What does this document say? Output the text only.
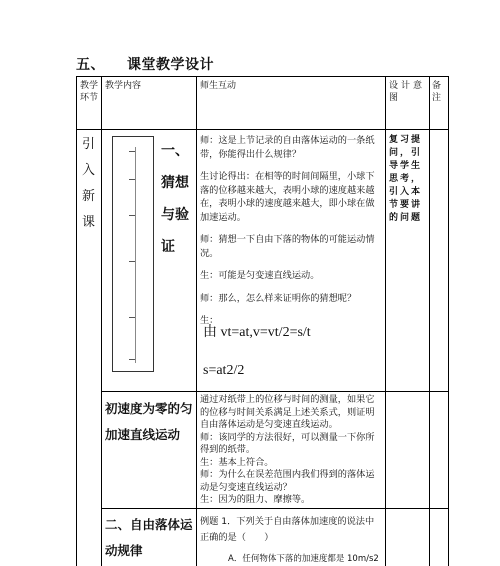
五、 课堂教学设计
教学环节
教学内容	师生互动	设计意图
备注
引入新课
一、猜想与验证

师：这是上节记录的自由落体运动的一条纸带，你能得出什么规律？

生讨论得出：在相等的时间间隔里，小球下落的位移越来越大，表明小球的速度越来越在，表明小球的速度越来越大，即小球在做加速运动。

师：猜想一下自由下落的物体的可能运动情况。

生：可能是匀变速直线运动。

师：那么，怎么样来证明你的猜想呢？

生：

由 vt=at,v=vt/2=s/t
s=at2/2
复习提问，引导学生思考，引入本节要讲的问题
初速度为零的匀加速直线运动
通过对纸带上的位移与时间的测量，如果它的位移与时间关系满足上述关系式，则证明自由落体运动是匀变速直线运动。
师：该同学的方法很好，可以测量一下你所得到的纸带。
生：基本上符合。
师：为什么在误差范围内我们得到的落体运动是匀变速直线运动？
生：因为的阻力、摩擦等。
二、自由落体运动规律
例题 1．下列关于自由落体加速度的说法中正确的是（　　）
A．任何物体下落的加速度都是 10m/s2
